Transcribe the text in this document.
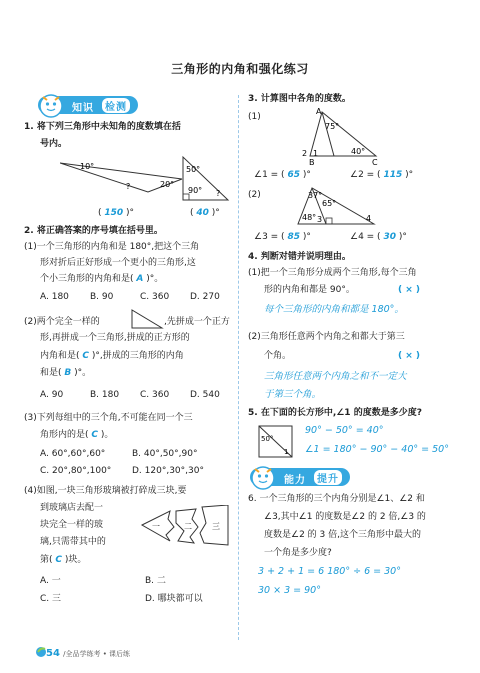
三角形的内角和强化练习
知识	检测
1. 将下列三角形中未知角的度数填在括
号内。
10°
?	20°
50°
90° ?
( 150 )°	( 40 )°
2. 将正确答案的序号填在括号里。
(1)一个三角形的内角和是 180°,把这个三角
形对折后正好形成一个更小的三角形,这
个小三角形的内角和是( A )°。
A. 180 B. 90	C. 360 D. 270
(2)两个完全一样的	,先拼成一个正方
形,再拼成一个三角形,拼成的正方形的
内角和是( C )°,拼成的三角形的内角
和是( B )°。
A. 90	B. 180 C. 360 D. 540
(3)下列每组中的三个角,不可能在同一个三
角形内的是( C )。
A. 60°,60°,60°	B. 40°,50°,90°
C. 20°,80°,100° D. 120°,30°,30°
(4)如图,一块三角形玻璃被打碎成三块,要
到玻璃店去配一
块完全一样的玻
璃,只需带其中的
第( C )块。
一	二	三
A. 一	B. 二
C. 三	D. 哪块都可以
3. 计算图中各角的度数。
(1)
A
75°
2 1
B
40°
C
∠1 = ( 65 )°	∠2 = ( 115 )°
(2)	37°
65°
48° 3	4
∠3 = ( 85 )°	∠4 = ( 30 )°
4. 判断对错并说明理由。
(1)把一个三角形分成两个三角形,每个三角
形的内角和都是 90°。	( × )
每个三角形的内角和都是 180°。
(2)三角形任意两个内角之和都大于第三
个角。	( × )
三角形任意两个内角之和不一定大
于第三个角。
5. 在下面的长方形中,∠1 的度数是多少度?
50°
1
90° − 50° = 40°
∠1 = 180° − 90° − 40° = 50°
能力	提升
6. 一个三角形的三个内角分别是∠1、∠2 和
∠3,其中∠1 的度数是∠2 的 2 倍,∠3 的
度数是∠2 的 3 倍,这个三角形中最大的
一个角是多少度?
3 + 2 + 1 = 6 180° ÷ 6 = 30°
30 × 3 = 90°
54 /全品学练考 • 课后练
